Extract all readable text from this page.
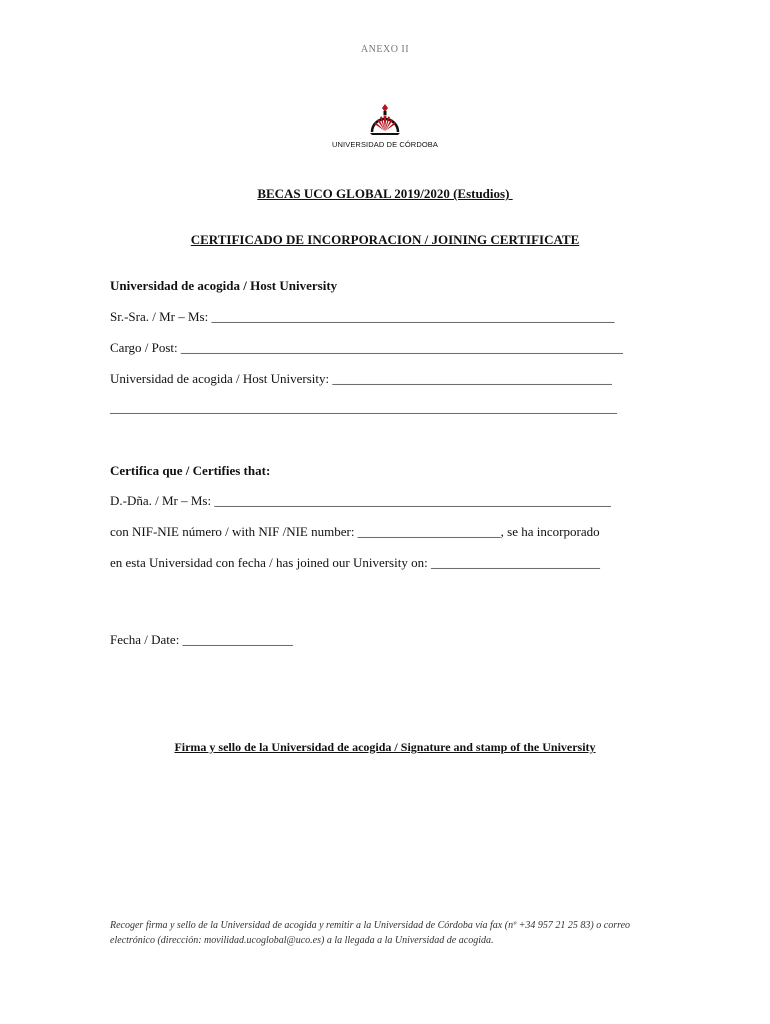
ANEXO II
UNIVERSIDAD DE CÓRDOBA
BECAS UCO GLOBAL 2019/2020 (Estudios)
CERTIFICADO DE INCORPORACION / JOINING CERTIFICATE
Universidad de acogida / Host University
Sr.-Sra. / Mr – Ms: ______________________________________________________________
Cargo / Post: ____________________________________________________________________
Universidad de acogida / Host University: ___________________________________________
______________________________________________________________________________
Certifica que / Certifies that:
D.-Dña. / Mr – Ms: _____________________________________________________________
con NIF-NIE número / with NIF /NIE number: ______________________, se ha incorporado
en esta Universidad con fecha / has joined our University on: __________________________
Fecha / Date: _________________
Firma y sello de la Universidad de acogida / Signature and stamp of the University
Recoger firma y sello de la Universidad de acogida y remitir a la Universidad de Córdoba vía fax (nº +34 957 21 25 83) o correo electrónico (dirección: movilidad.ucoglobal@uco.es) a la llegada a la Universidad de acogida.
